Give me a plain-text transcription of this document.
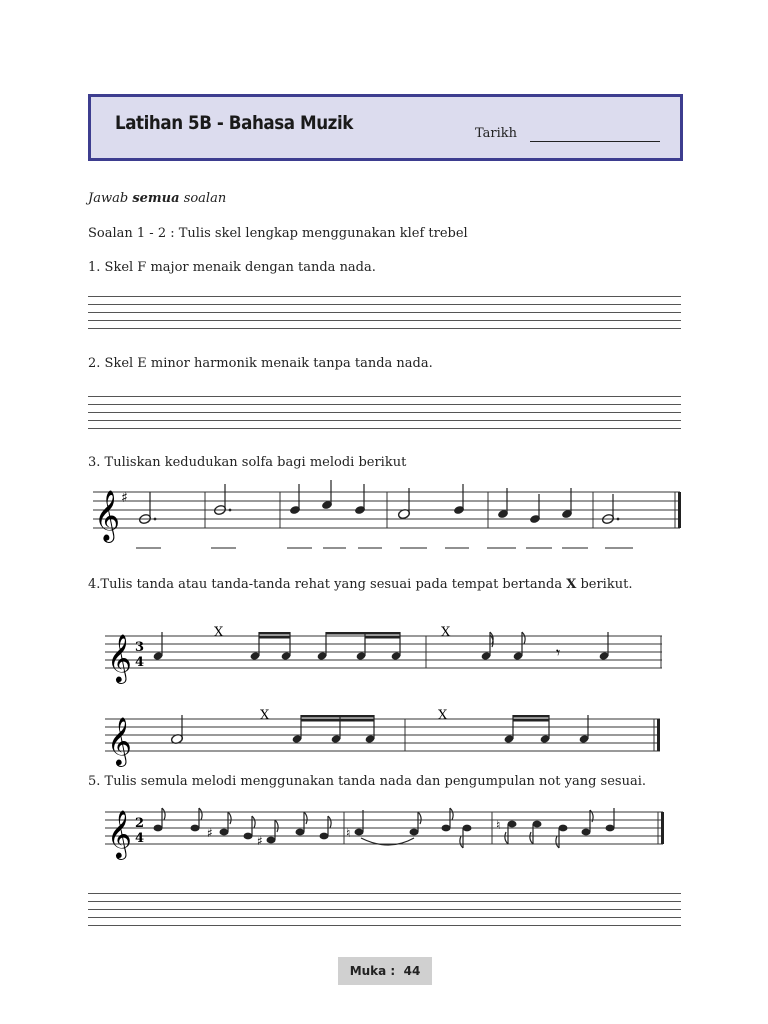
Latihan 5B - Bahasa Muzik	Tarikh
Jawab semua soalan
Soalan 1 - 2 : Tulis skel lengkap menggunakan klef trebel
1. Skel F major menaik dengan tanda nada.
2. Skel E minor harmonik menaik tanpa tanda nada.
3. Tuliskan kedudukan solfa bagi melodi berikut
𝄞 ♯
4.Tulis tanda atau tanda-tanda rehat yang sesuai pada tempat bertanda X berikut.
𝄞 3
4
X	X
𝄾
𝄞
X	X
5. Tulis semula melodi menggunakan tanda nada dan pengumpulan not yang sesuai.
𝄞 2
4	♯
♯
♮
♮
Muka :
44
